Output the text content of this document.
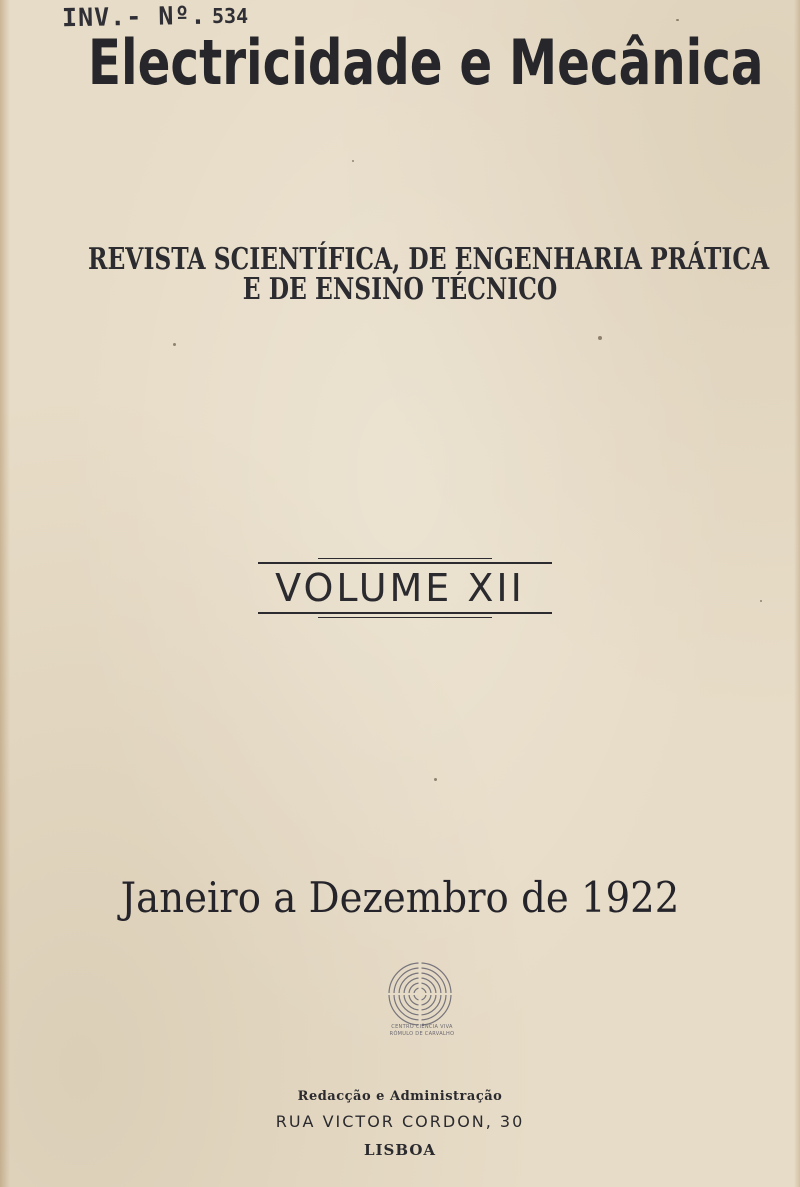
INV.- Nº. 534
Electricidade e Mecânica
REVISTA SCIENTÍFICA, DE ENGENHARIA PRÁTICA
E DE ENSINO TÉCNICO
VOLUME XII
Janeiro a Dezembro de 1922
CENTRO CIÊNCIA VIVA
RÓMULO DE CARVALHO
Redacção e Administração
RUA VICTOR CORDON, 30
LISBOA
